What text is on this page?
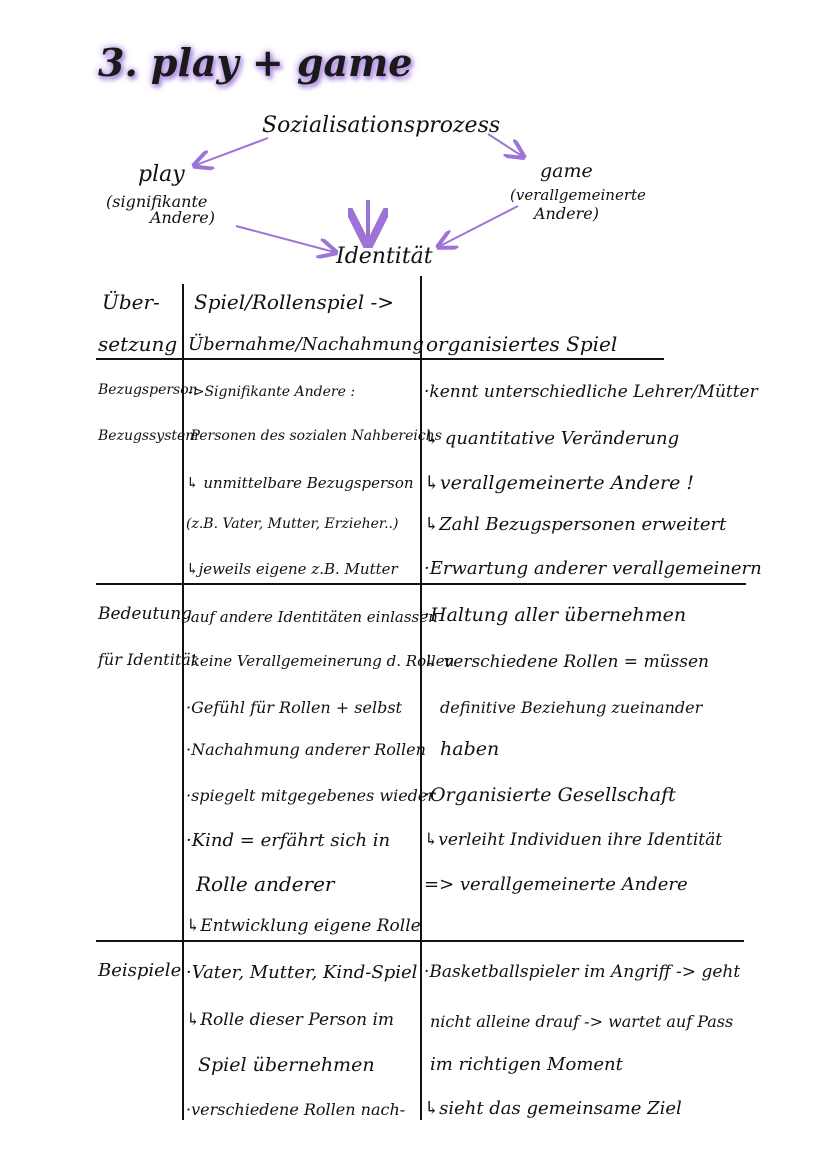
3. play + game
Sozialisationsprozess
play
(signifikante
Andere)
game
(verallgemeinerte
Andere)
Identität
Über-
setzung
Spiel/Rollenspiel ->
Übernahme/Nachahmung organisiertes Spiel
Bezugsperson
Bezugssystem
->Signifikante Andere :
·Personen des sozialen Nahbereichs
↳ unmittelbare Bezugsperson
(z.B. Vater, Mutter, Erzieher..)
↳jeweils eigene z.B. Mutter
·kennt unterschiedliche Lehrer/Mütter
↳ quantitative Veränderung
↳verallgemeinerte Andere !
↳Zahl Bezugspersonen erweitert
·Erwartung anderer verallgemeinern
Bedeutung
für Identität
·auf andere Identitäten einlassen
·keine Verallgemeinerung d. Rollen
·Gefühl für Rollen + selbst
·Nachahmung anderer Rollen
·spiegelt mitgegebenes wieder
·Kind = erfährt sich in
Rolle anderer
↳Entwicklung eigene Rolle
·Haltung aller übernehmen
↳ verschiedene Rollen = müssen
definitive Beziehung zueinander
haben
·Organisierte Gesellschaft
↳verleiht Individuen ihre Identität
=> verallgemeinerte Andere
Beispiele ·Vater, Mutter, Kind-Spiel
↳Rolle dieser Person im
Spiel übernehmen
·verschiedene Rollen nach-
·Basketballspieler im Angriff -> geht
nicht alleine drauf -> wartet auf Pass
im richtigen Moment
↳sieht das gemeinsame Ziel
